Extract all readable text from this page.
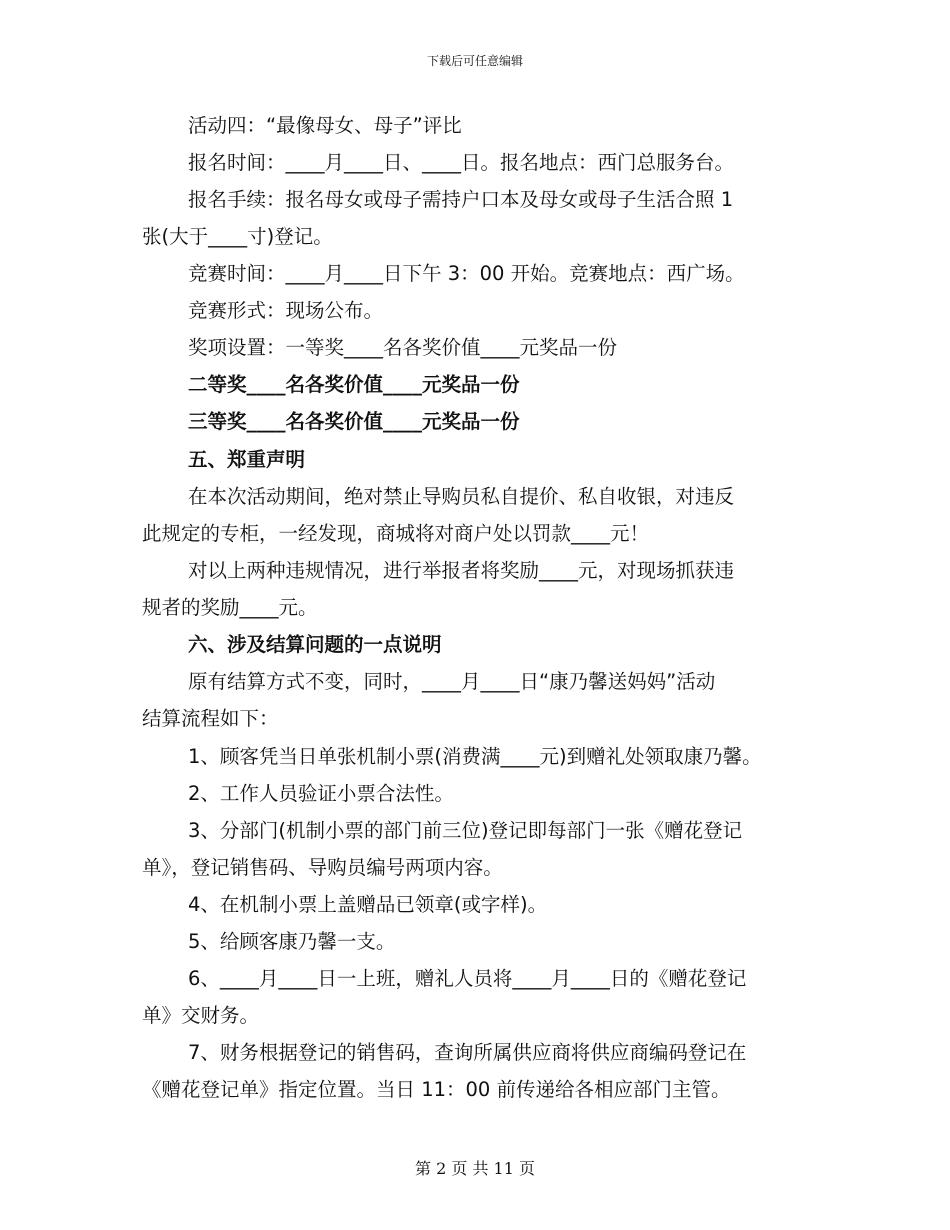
下载后可任意编辑
活动四：“最像母女、母子”评比
报名时间：____月____日、____日。报名地点：西门总服务台。
报名手续：报名母女或母子需持户口本及母女或母子生活合照 1
张(大于____寸)登记。
竞赛时间：____月____日下午 3：00 开始。竞赛地点：西广场。
竞赛形式：现场公布。
奖项设置：一等奖____名各奖价值____元奖品一份
二等奖____名各奖价值____元奖品一份
三等奖____名各奖价值____元奖品一份
五、郑重声明
在本次活动期间，绝对禁止导购员私自提价、私自收银，对违反
此规定的专柜，一经发现，商城将对商户处以罚款____元！
对以上两种违规情况，进行举报者将奖励____元，对现场抓获违
规者的奖励____元。
六、涉及结算问题的一点说明
原有结算方式不变，同时，____月____日“康乃馨送妈妈”活动
结算流程如下：
1、顾客凭当日单张机制小票(消费满____元)到赠礼处领取康乃馨。
2、工作人员验证小票合法性。
3、分部门(机制小票的部门前三位)登记即每部门一张《赠花登记
单》，登记销售码、导购员编号两项内容。
4、在机制小票上盖赠品已领章(或字样)。
5、给顾客康乃馨一支。
6、____月____日一上班，赠礼人员将____月____日的《赠花登记
单》交财务。
7、财务根据登记的销售码，查询所属供应商将供应商编码登记在
《赠花登记单》指定位置。当日 11：00 前传递给各相应部门主管。
第 2 页 共 11 页
